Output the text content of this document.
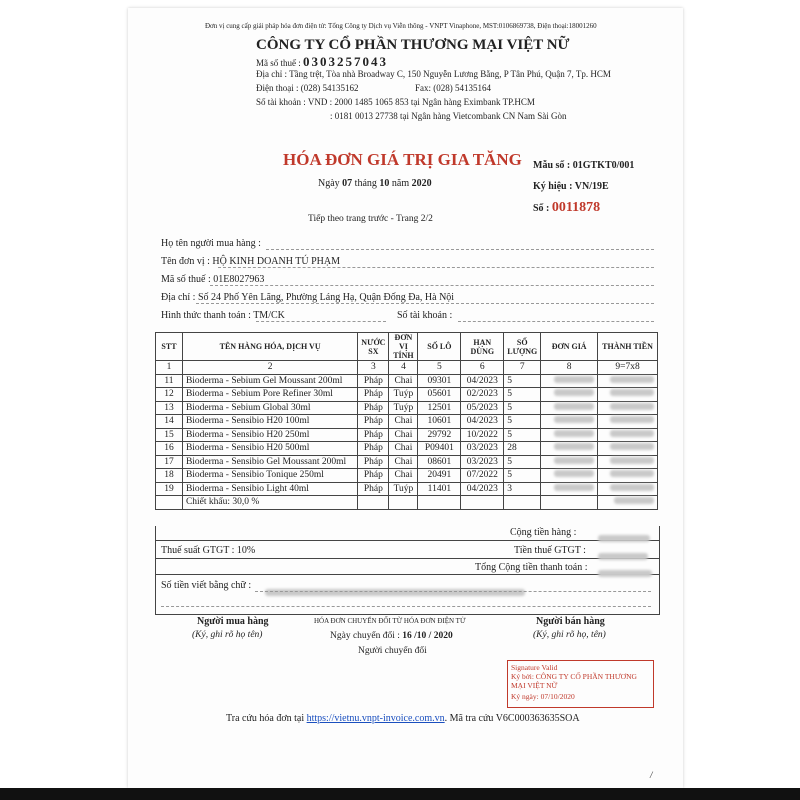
Đơn vị cung cấp giải pháp hóa đơn điện tử: Tổng Công ty Dịch vụ Viễn thông - VNPT Vinaphone, MST:0106869738, Điện thoại:18001260
CÔNG TY CỔ PHẦN THƯƠNG MẠI VIỆT NỮ
Mã số thuế : 0303257043
Địa chỉ : Tầng trệt, Tòa nhà Broadway C, 150 Nguyễn Lương Bằng, P Tân Phú, Quận 7, Tp. HCM
Điện thoại : (028) 54135162	Fax: (028) 54135164
Số tài khoản : VND : 2000 1485 1065 853 tại Ngân hàng Eximbank TP.HCM
: 0181 0013 27738 tại Ngân hàng Vietcombank CN Nam Sài Gòn
HÓA ĐƠN GIÁ TRỊ GIA TĂNG
Ngày 07 tháng 10 năm 2020
Mẫu số : 01GTKT0/001
Ký hiệu : VN/19E
Số : 0011878
Tiếp theo trang trước - Trang 2/2
Họ tên người mua hàng :
Tên đơn vị : HỘ KINH DOANH TÚ PHẠM
Mã số thuế : 01E8027963
Địa chỉ : Số 24 Phố Yên Lãng, Phường Láng Hạ, Quận Đống Đa, Hà Nội
Hình thức thanh toán : TM/CK	Số tài khoản :
STT	TÊN HÀNG HÓA, DỊCH VỤ	NƯỚC SX	ĐƠN VỊ TÍNH	SỐ LÔ	HẠN DÙNG	SỐ LƯỢNG	ĐƠN GIÁ	THÀNH TIỀN
1	2	3	4	5	6	7	8	9=7x8
11	Bioderma - Sebium Gel Moussant 200ml	Pháp	Chai	09301	04/2023	5		
12	Bioderma - Sebium Pore Refiner 30ml	Pháp	Tuýp	05601	02/2023	5		
13	Bioderma - Sebium Global 30ml	Pháp	Tuýp	12501	05/2023	5		
14	Bioderma - Sensibio H20 100ml	Pháp	Chai	10601	04/2023	5		
15	Bioderma - Sensibio H20 250ml	Pháp	Chai	29792	10/2022	5		
16	Bioderma - Sensibio H20 500ml	Pháp	Chai	P09401	03/2023	28		
17	Bioderma - Sensibio Gel Moussant 200ml	Pháp	Chai	08601	03/2023	5		
18	Bioderma - Sensibio Tonique 250ml	Pháp	Chai	20491	07/2022	5		
19	Bioderma - Sensibio Light 40ml	Pháp	Tuýp	11401	04/2023	3		
	Chiết khấu: 30,0 %							
Cộng tiền hàng :
Thuế suất GTGT : 10%	Tiền thuế GTGT :
Tổng Cộng tiền thanh toán :
Số tiền viết bằng chữ :
Người mua hàng
(Ký, ghi rõ họ tên)
HÓA ĐƠN CHUYỂN ĐỔI TỪ HÓA ĐƠN ĐIỆN TỬ
Ngày chuyển đổi : 16 /10 / 2020
Người chuyển đổi
Người bán hàng
(Ký, ghi rõ họ, tên)
Signature Valid
Ký bởi: CÔNG TY CỔ PHẦN THƯƠNG MẠI VIỆT NỮ
Ký ngày: 07/10/2020
Tra cứu hóa đơn tại https://vietnu.vnpt-invoice.com.vn. Mã tra cứu V6C000363635SOA
/
